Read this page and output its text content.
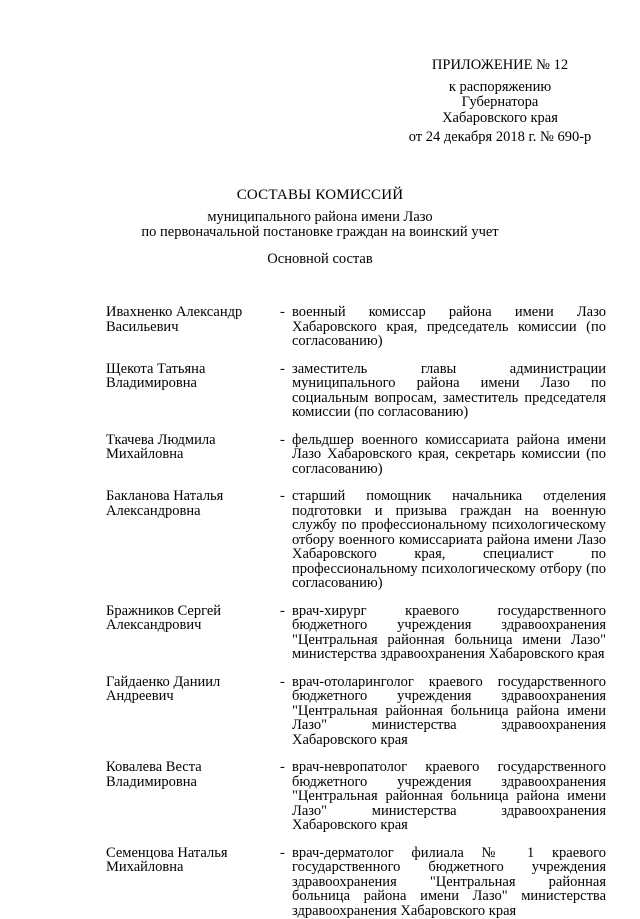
ПРИЛОЖЕНИЕ № 12
к распоряжению
Губернатора
Хабаровского края
от 24 декабря 2018 г. № 690-р
СОСТАВЫ КОМИССИЙ
муниципального района имени Лазо
по первоначальной постановке граждан на воинский учет
Основной состав
Ивахненко Александр Васильевич
- военный комиссар района имени Лазо Хабаровского края, председатель комиссии (по согласованию)
Щекота Татьяна Владимировна
- заместитель главы администрации муниципального района имени Лазо по социальным вопросам, заместитель председателя комиссии (по согласованию)
Ткачева Людмила Михайловна
- фельдшер военного комиссариата района имени Лазо Хабаровского края, секретарь комиссии (по согласованию)
Бакланова Наталья Александровна
- старший помощник начальника отделения подготовки и призыва граждан на военную службу по профессиональному психологическому отбору военного комиссариата района имени Лазо Хабаровского края, специалист по профессиональному психологическому отбору (по согласованию)
Бражников Сергей Александрович
- врач-хирург краевого государственного бюджетного учреждения здравоохранения "Центральная районная больница имени Лазо" министерства здравоохранения Хабаровского края
Гайдаенко Даниил Андреевич
- врач-отоларинголог краевого государственного бюджетного учреждения здравоохранения "Центральная районная больница района имени Лазо" министерства здравоохранения Хабаровского края
Ковалева Веста Владимировна
- врач-невропатолог краевого государственного бюджетного учреждения здравоохранения "Центральная районная больница района имени Лазо" министерства здравоохранения Хабаровского края
Семенцова Наталья Михайловна
- врач-дерматолог филиала № 1 краевого государственного бюджетного учреждения здравоохранения "Центральная районная больница района имени Лазо" министерства здравоохранения Хабаровского края
